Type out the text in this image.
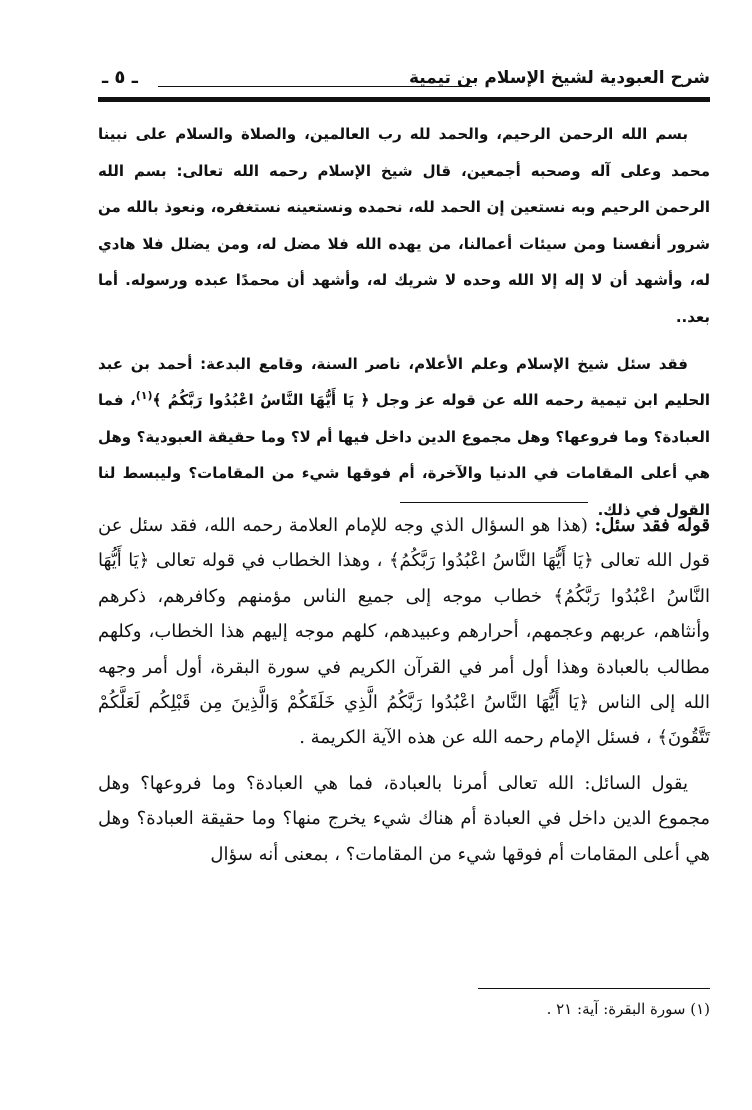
شرح العبودية لشيخ الإسلام بن تيمية
ـ ٥ ـ

بسم الله الرحمن الرحيم، والحمد لله رب العالمين، والصلاة والسلام على نبينا محمد وعلى آله وصحبه أجمعين، قال شيخ الإسلام رحمه الله تعالى: بسم الله الرحمن الرحيم وبه نستعين إن الحمد لله، نحمده ونستعينه نستغفره، ونعوذ بالله من شرور أنفسنا ومن سيئات أعمالنا، من يهده الله فلا مضل له، ومن يضلل فلا هادي له، وأشهد أن لا إله إلا الله وحده لا شريك له، وأشهد أن محمدًا عبده ورسوله. أما بعد..

فقد سئل شيخ الإسلام وعلم الأعلام، ناصر السنة، وقامع البدعة: أحمد بن عبد الحليم ابن تيمية رحمه الله عن قوله عز وجل ﴿ يَا أَيُّهَا النَّاسُ اعْبُدُوا رَبَّكُمُ ﴾$^{(١)}$، فما العبادة؟ وما فروعها؟ وهل مجموع الدين داخل فيها أم لا؟ وما حقيقة العبودية؟ وهل هي أعلى المقامات في الدنيا والآخرة، أم فوقها شيء من المقامات؟ وليبسط لنا القول في ذلك.

قوله فقد سئل: (هذا هو السؤال الذي وجه للإمام العلامة رحمه الله، فقد سئل عن قول الله تعالى ﴿يَا أَيُّهَا النَّاسُ اعْبُدُوا رَبَّكُمُ﴾ ، وهذا الخطاب في قوله تعالى ﴿يَا أَيُّهَا النَّاسُ اعْبُدُوا رَبَّكُمُ﴾ خطاب موجه إلى جميع الناس مؤمنهم وكافرهم، ذكرهم وأنثاهم، عربهم وعجمهم، أحرارهم وعبيدهم، كلهم موجه إليهم هذا الخطاب، وكلهم مطالب بالعبادة وهذا أول أمر في القرآن الكريم في سورة البقرة، أول أمر وجهه الله إلى الناس ﴿يَا أَيُّهَا النَّاسُ اعْبُدُوا رَبَّكُمُ الَّذِي خَلَقَكُمْ وَالَّذِينَ مِن قَبْلِكُم لَعَلَّكُمْ تَتَّقُونَ﴾ ، فسئل الإمام رحمه الله عن هذه الآية الكريمة .

يقول السائل: الله تعالى أمرنا بالعبادة، فما هي العبادة؟ وما فروعها؟ وهل مجموع الدين داخل في العبادة أم هناك شيء يخرج منها؟ وما حقيقة العبادة؟ وهل هي أعلى المقامات أم فوقها شيء من المقامات؟ ، بمعنى أنه سؤال

(١) سورة البقرة: آية: ٢١ .
